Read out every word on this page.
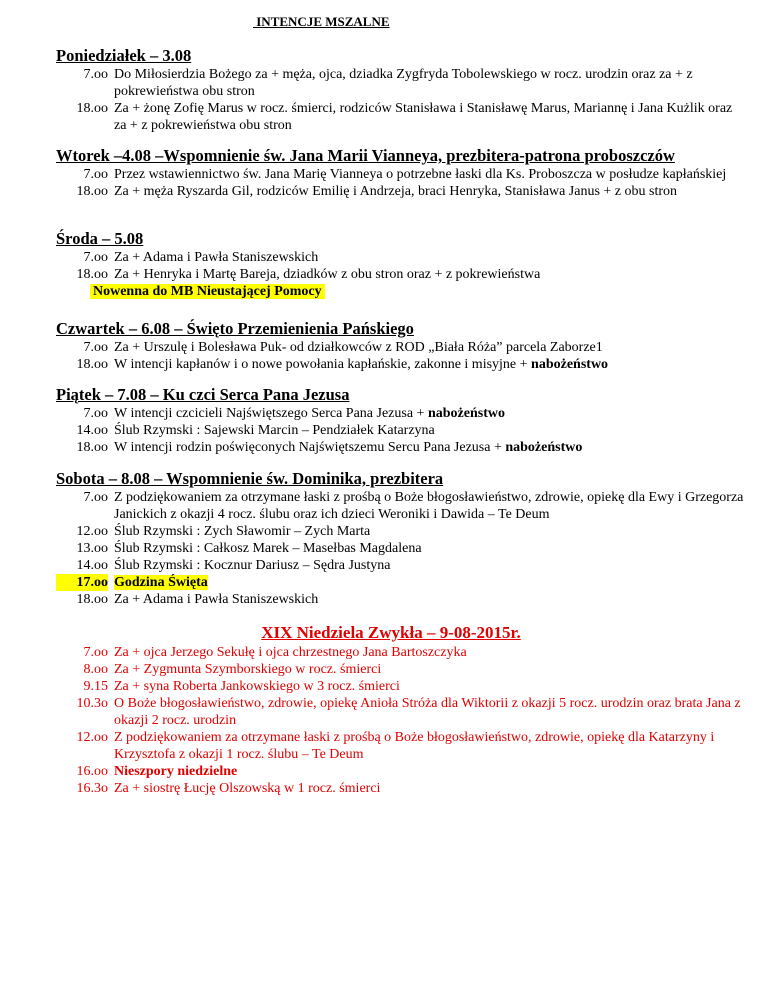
INTENCJE MSZALNE
Poniedziałek – 3.08
7.oo Do Miłosierdzia Bożego za + męża, ojca, dziadka Zygfryda Tobolewskiego w rocz. urodzin oraz za + z pokrewieństwa obu stron
18.oo Za + żonę Zofię Marus w rocz. śmierci, rodziców Stanisława i Stanisławę Marus, Mariannę i Jana Kużlik oraz za + z pokrewieństwa obu stron
Wtorek –4.08 –Wspomnienie św. Jana Marii Vianneya, prezbitera-patrona proboszczów
7.oo Przez wstawiennictwo św. Jana Marię Vianneya o potrzebne łaski dla Ks. Proboszcza w posłudze kapłańskiej
18.oo Za + męża Ryszarda Gil, rodziców Emilię i Andrzeja, braci Henryka, Stanisława Janus + z obu stron
Środa – 5.08
7.oo Za + Adama i Pawła Staniszewskich
18.oo Za + Henryka i Martę Bareja, dziadków z obu stron oraz + z pokrewieństwa
Nowenna do MB Nieustającej Pomocy
Czwartek – 6.08 – Święto Przemienienia Pańskiego
7.oo Za + Urszulę i Bolesława Puk- od działkowców z ROD „Biała Róża” parcela Zaborze1
18.oo W intencji kapłanów i o nowe powołania kapłańskie, zakonne i misyjne + nabożeństwo
Piątek – 7.08 – Ku czci Serca Pana Jezusa
7.oo W intencji czcicieli Najświętszego Serca Pana Jezusa + nabożeństwo
14.oo Ślub Rzymski : Sajewski Marcin – Pendziałek Katarzyna
18.oo W intencji rodzin poświęconych Najświętszemu Sercu Pana Jezusa + nabożeństwo
Sobota – 8.08 – Wspomnienie św. Dominika, prezbitera
7.oo Z podziękowaniem za otrzymane łaski z prośbą o Boże błogosławieństwo, zdrowie, opiekę dla Ewy i Grzegorza Janickich z okazji 4 rocz. ślubu oraz ich dzieci Weroniki i Dawida – Te Deum
12.oo Ślub Rzymski : Zych Sławomir – Zych Marta
13.oo Ślub Rzymski : Całkosz Marek – Masełbas Magdalena
14.oo Ślub Rzymski : Kocznur Dariusz – Sędra Justyna
17.oo Godzina Święta
18.oo Za + Adama i Pawła Staniszewskich
XIX Niedziela Zwykła – 9-08-2015r.
7.oo Za + ojca Jerzego Sekułę i ojca chrzestnego Jana Bartoszczyka
8.oo Za + Zygmunta Szymborskiego w rocz. śmierci
9.15 Za + syna Roberta Jankowskiego w 3 rocz. śmierci
10.3o O Boże błogosławieństwo, zdrowie, opiekę Anioła Stróża dla Wiktorii z okazji 5 rocz. urodzin oraz brata Jana z okazji 2 rocz. urodzin
12.oo Z podziękowaniem za otrzymane łaski z prośbą o Boże błogosławieństwo, zdrowie, opiekę dla Katarzyny i Krzysztofa z okazji 1 rocz. ślubu – Te Deum
16.oo Nieszpory niedzielne
16.3o Za + siostrę Łucję Olszowską w 1 rocz. śmierci
